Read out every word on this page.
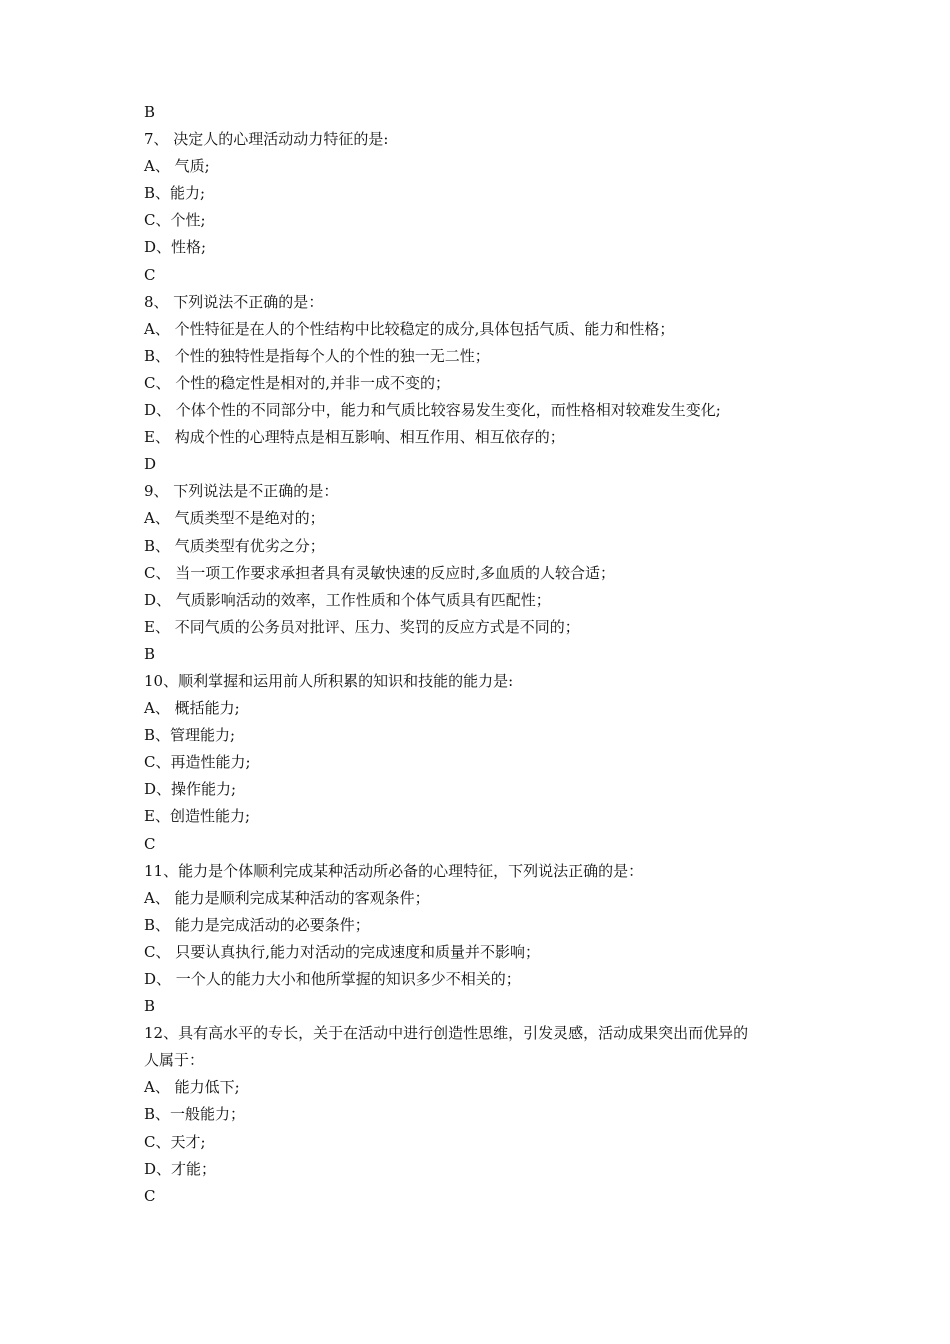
B
7、 决定人的心理活动动力特征的是:
A、 气质;
B、能力;
C、个性;
D、性格;
C
8、 下列说法不正确的是：
A、 个性特征是在人的个性结构中比较稳定的成分,具体包括气质、能力和性格；
B、 个性的独特性是指每个人的个性的独一无二性；
C、 个性的稳定性是相对的,并非一成不变的；
D、 个体个性的不同部分中，能力和气质比较容易发生变化，而性格相对较难发生变化;
E、 构成个性的心理特点是相互影响、相互作用、相互依存的；
D
9、 下列说法是不正确的是：
A、 气质类型不是绝对的；
B、 气质类型有优劣之分；
C、 当一项工作要求承担者具有灵敏快速的反应时,多血质的人较合适；
D、 气质影响活动的效率，工作性质和个体气质具有匹配性；
E、 不同气质的公务员对批评、压力、奖罚的反应方式是不同的；
B
10、顺利掌握和运用前人所积累的知识和技能的能力是:
A、 概括能力;
B、管理能力;
C、再造性能力;
D、操作能力;
E、创造性能力;
C
11、能力是个体顺利完成某种活动所必备的心理特征，下列说法正确的是：
A、 能力是顺利完成某种活动的客观条件；
B、 能力是完成活动的必要条件；
C、 只要认真执行,能力对活动的完成速度和质量并不影响；
D、 一个人的能力大小和他所掌握的知识多少不相关的；
B
12、具有高水平的专长，关于在活动中进行创造性思维，引发灵感，活动成果突出而优异的
人属于：
A、 能力低下;
B、一般能力；
C、天才;
D、才能；
C
